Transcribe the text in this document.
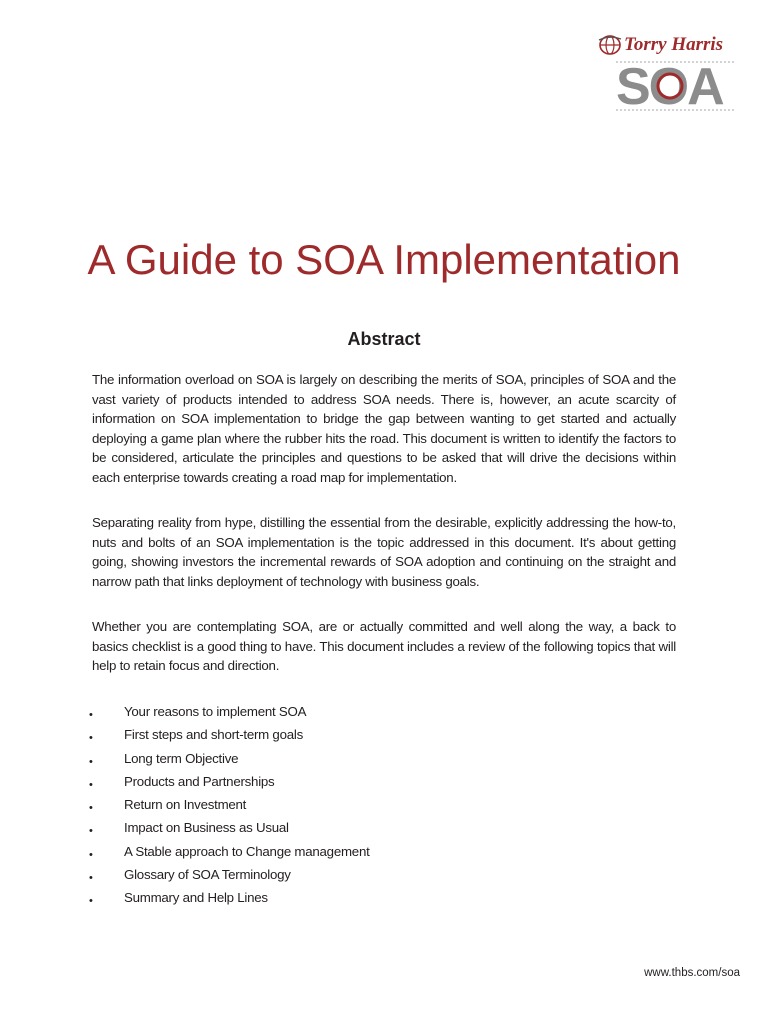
Torry Harris
SOA
A Guide to SOA Implementation
Abstract

The information overload on SOA is largely on describing the merits of SOA, principles of SOA and the vast variety of products intended to address SOA needs. There is, however, an acute scarcity of information on SOA implementation to bridge the gap between wanting to get started and actually deploying a game plan where the rubber hits the road. This document is written to identify the factors to be considered, articulate the principles and questions to be asked that will drive the decisions within each enterprise towards creating a road map for implementation.

Separating reality from hype, distilling the essential from the desirable, explicitly addressing the how-to, nuts and bolts of an SOA implementation is the topic addressed in this document. It's about getting going, showing investors the incremental rewards of SOA adoption and continuing on the straight and narrow path that links deployment of technology with business goals.

Whether you are contemplating SOA, are or actually committed and well along the way, a back to basics checklist is a good thing to have. This document includes a review of the following topics that will help to retain focus and direction.

• Your reasons to implement SOA
• First steps and short-term goals
• Long term Objective
• Products and Partnerships
• Return on Investment
• Impact on Business as Usual
• A Stable approach to Change management
• Glossary of SOA Terminology
• Summary and Help Lines
www.thbs.com/soa
